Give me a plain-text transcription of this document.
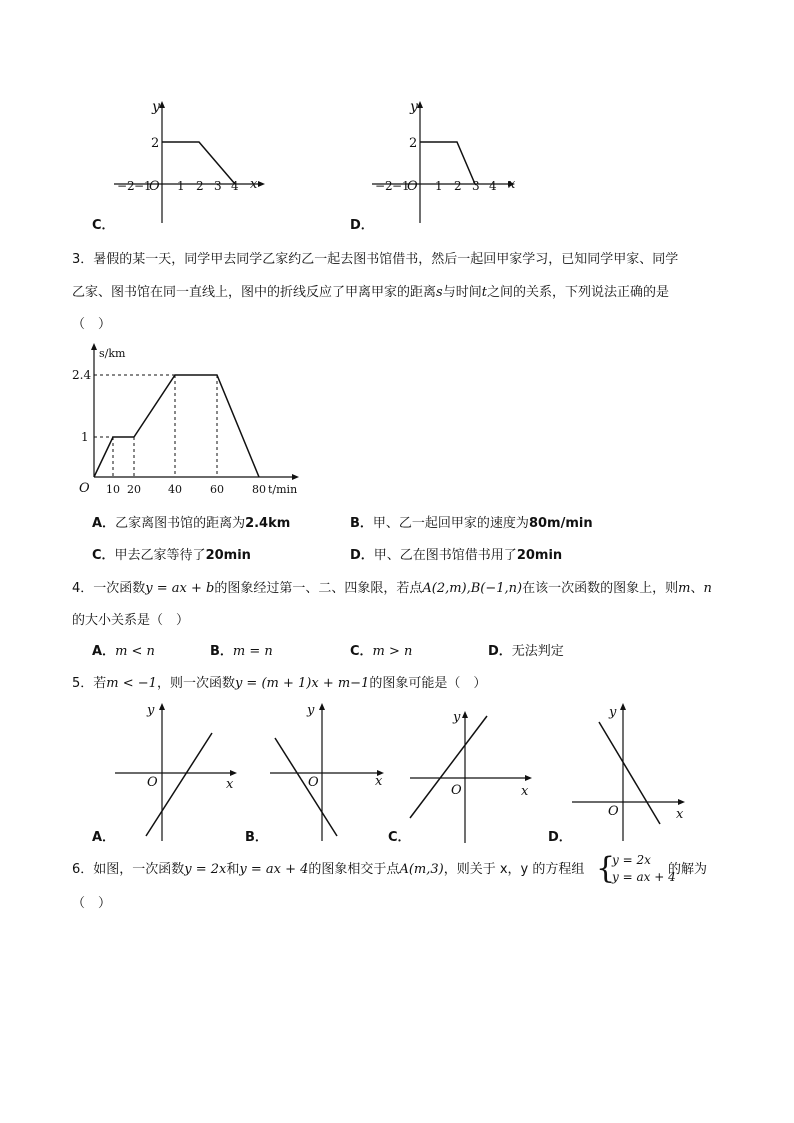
y
x
2
O
−2 −1 1 2 3 4
C．
y
x
2
O
−2 −1 1 2 3 4
D．
3．暑假的某一天，同学甲去同学乙家约乙一起去图书馆借书，然后一起回甲家学习，已知同学甲家、同学
乙家、图书馆在同一直线上，图中的折线反应了甲离甲家的距离s与时间t之间的关系，下列说法正确的是
（　）
s/km
t/min
2.4
1
O 10 20 40	60	80
A．乙家离图书馆的距离为2.4km	B．甲、乙一起回甲家的速度为80m/min
C．甲去乙家等待了20min	D．甲、乙在图书馆借书用了20min
4．一次函数y = ax + b的图象经过第一、二、四象限，若点A(2,m),B(−1,n)在该一次函数的图象上，则m、n
的大小关系是（　）
A．m < n	B．m = n	C．m > n	D．无法判定
5．若m < −1，则一次函数y = (m + 1)x + m−1的图象可能是（　）
y
x
O
A．
y
x
O
B．
y
x
O
C．
y
x
O
D．
6．如图，一次函数y = 2x和y = ax + 4的图象相交于点A(m,3)，则关于 x，y 的方程组 {
y = 2x
y = ax + 4
的解为
（　）
